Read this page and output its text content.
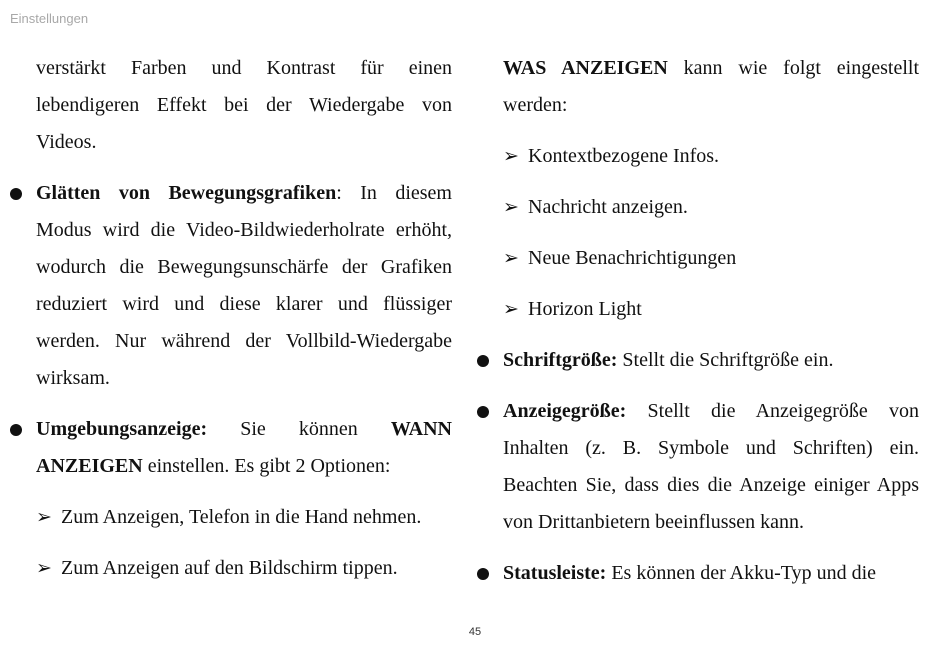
Einstellungen

verstärkt Farben und Kontrast für einen lebendigeren Effekt bei der Wiedergabe von Videos.

Glätten von Bewegungsgrafiken: In diesem Modus wird die Video-Bildwiederholrate erhöht, wodurch die Bewegungsunschärfe der Grafiken reduziert wird und diese klarer und flüssiger werden. Nur während der Vollbild-Wiedergabe wirksam.

Umgebungsanzeige: Sie können WANN ANZEIGEN einstellen. Es gibt 2 Optionen:

➢ Zum Anzeigen, Telefon in die Hand nehmen.

➢ Zum Anzeigen auf den Bildschirm tippen.

WAS ANZEIGEN kann wie folgt eingestellt werden:

➢ Kontextbezogene Infos.

➢ Nachricht anzeigen.

➢ Neue Benachrichtigungen

➢ Horizon Light

Schriftgröße: Stellt die Schriftgröße ein.

Anzeigegröße: Stellt die Anzeigegröße von Inhalten (z. B. Symbole und Schriften) ein. Beachten Sie, dass dies die Anzeige einiger Apps von Drittanbietern beeinflussen kann.

Statusleiste: Es können der Akku-Typ und die

45
